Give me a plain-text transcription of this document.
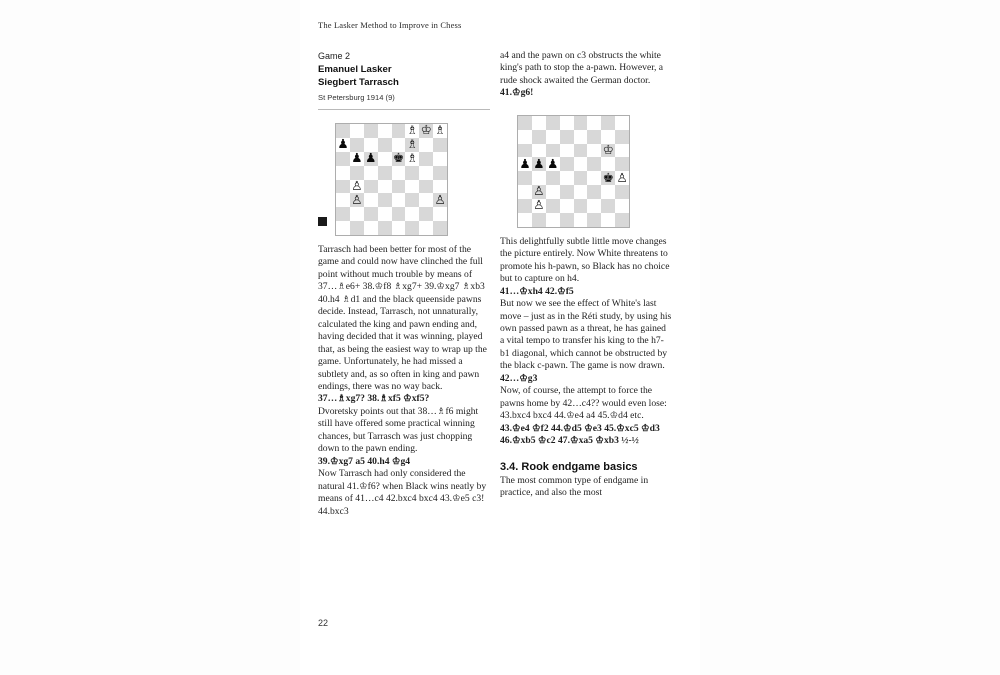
The Lasker Method to Improve in Chess
Game 2
Emanuel Lasker
Siegbert Tarrasch
St Petersburg 1914 (9)
♗ ♔ ♗
♟	♗
♟ ♟ ♚ ♗
♙
♙	♙

Tarrasch had been better for most of the game and could now have clinched the full point without much trouble by means of 37…♗e6+ 38.♔f8 ♗xg7+ 39.♔xg7 ♗xb3 40.h4 ♗d1 and the black queenside pawns decide. Instead, Tarrasch, not unnaturally, calculated the king and pawn ending and, having decided that it was winning, played that, as being the easiest way to wrap up the game. Unfortunately, he had missed a subtlety and, as so often in king and pawn endings, there was no way back.

37…♗xg7? 38.♗xf5 ♔xf5?

Dvoretsky points out that 38…♗f6 might still have offered some practical winning chances, but Tarrasch was just chopping down to the pawn ending.

39.♔xg7 a5 40.h4 ♔g4

Now Tarrasch had only considered the natural 41.♔f6? when Black wins neatly by means of 41…c4 42.bxc4 bxc4 43.♔e5 c3! 44.bxc3

a4 and the pawn on c3 obstructs the white king's path to stop the a-pawn. However, a rude shock awaited the German doctor.

41.♔g6!

♔
♟ ♟ ♟
♚ ♙
♙
♙

This delightfully subtle little move changes the picture entirely. Now White threatens to promote his h-pawn, so Black has no choice but to capture on h4.

41…♔xh4 42.♔f5

But now we see the effect of White's last move – just as in the Réti study, by using his own passed pawn as a threat, he has gained a vital tempo to transfer his king to the h7-b1 diagonal, which cannot be obstructed by the black c-pawn. The game is now drawn.

42…♔g3

Now, of course, the attempt to force the pawns home by 42…c4?? would even lose: 43.bxc4 bxc4 44.♔e4 a4 45.♔d4 etc.

43.♔e4 ♔f2 44.♔d5 ♔e3 45.♔xc5 ♔d3 46.♔xb5 ♔c2 47.♔xa5 ♔xb3 ½-½

3.4. Rook endgame basics

The most common type of endgame in practice, and also the most

22
